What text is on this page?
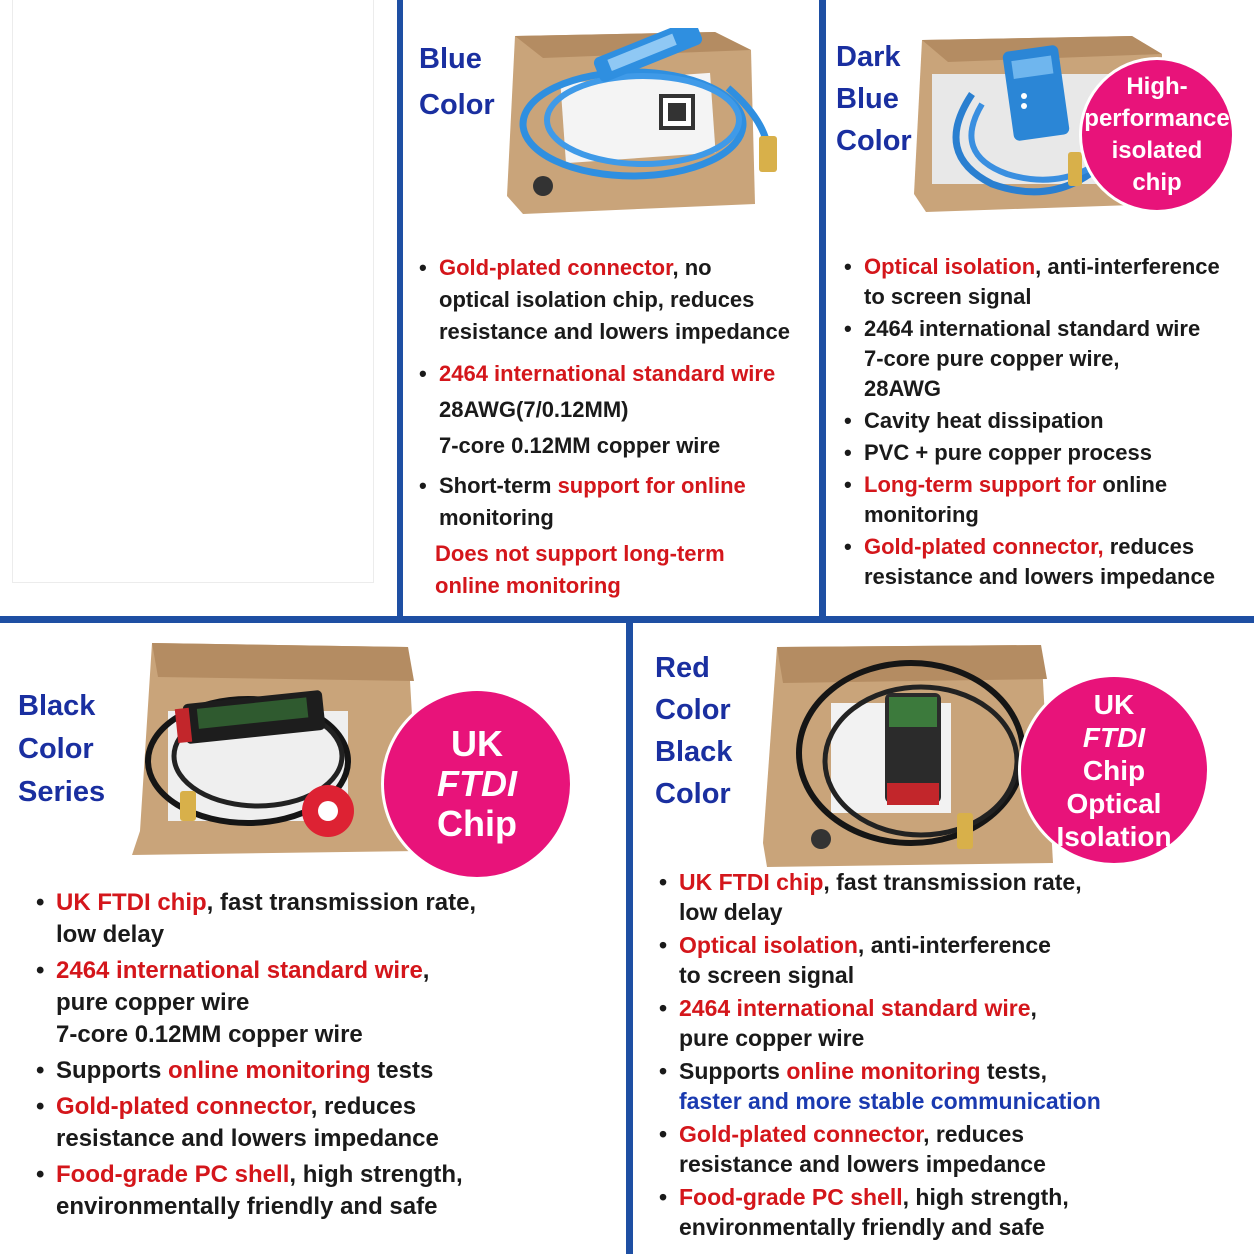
Blue
Color
• Gold-plated connector, no
optical isolation chip, reduces
resistance and lowers impedance
• 2464 international standard wire
28AWG(7/0.12MM)
7-core 0.12MM copper wire
• Short-term support for online
monitoring
Does not support long-term
online monitoring
Dark
Blue
Color
High-
performance
isolated
chip
• Optical isolation, anti-interference
to screen signal
• 2464 international standard wire
7-core pure copper wire,
28AWG
• Cavity heat dissipation
• PVC + pure copper process
• Long-term support for online
monitoring
• Gold-plated connector, reduces
resistance and lowers impedance
Black
Color
Series
UK
FTDI
Chip
• UK FTDI chip, fast transmission rate,
low delay
• 2464 international standard wire,
pure copper wire
7-core 0.12MM copper wire
• Supports online monitoring tests
• Gold-plated connector, reduces
resistance and lowers impedance
• Food-grade PC shell, high strength,
environmentally friendly and safe
Red
Color
Black
Color
UK
FTDI
Chip
Optical
Isolation
• UK FTDI chip, fast transmission rate,
low delay
• Optical isolation, anti-interference
to screen signal
• 2464 international standard wire,
pure copper wire
• Supports online monitoring tests,
faster and more stable communication
• Gold-plated connector, reduces
resistance and lowers impedance
• Food-grade PC shell, high strength,
environmentally friendly and safe
